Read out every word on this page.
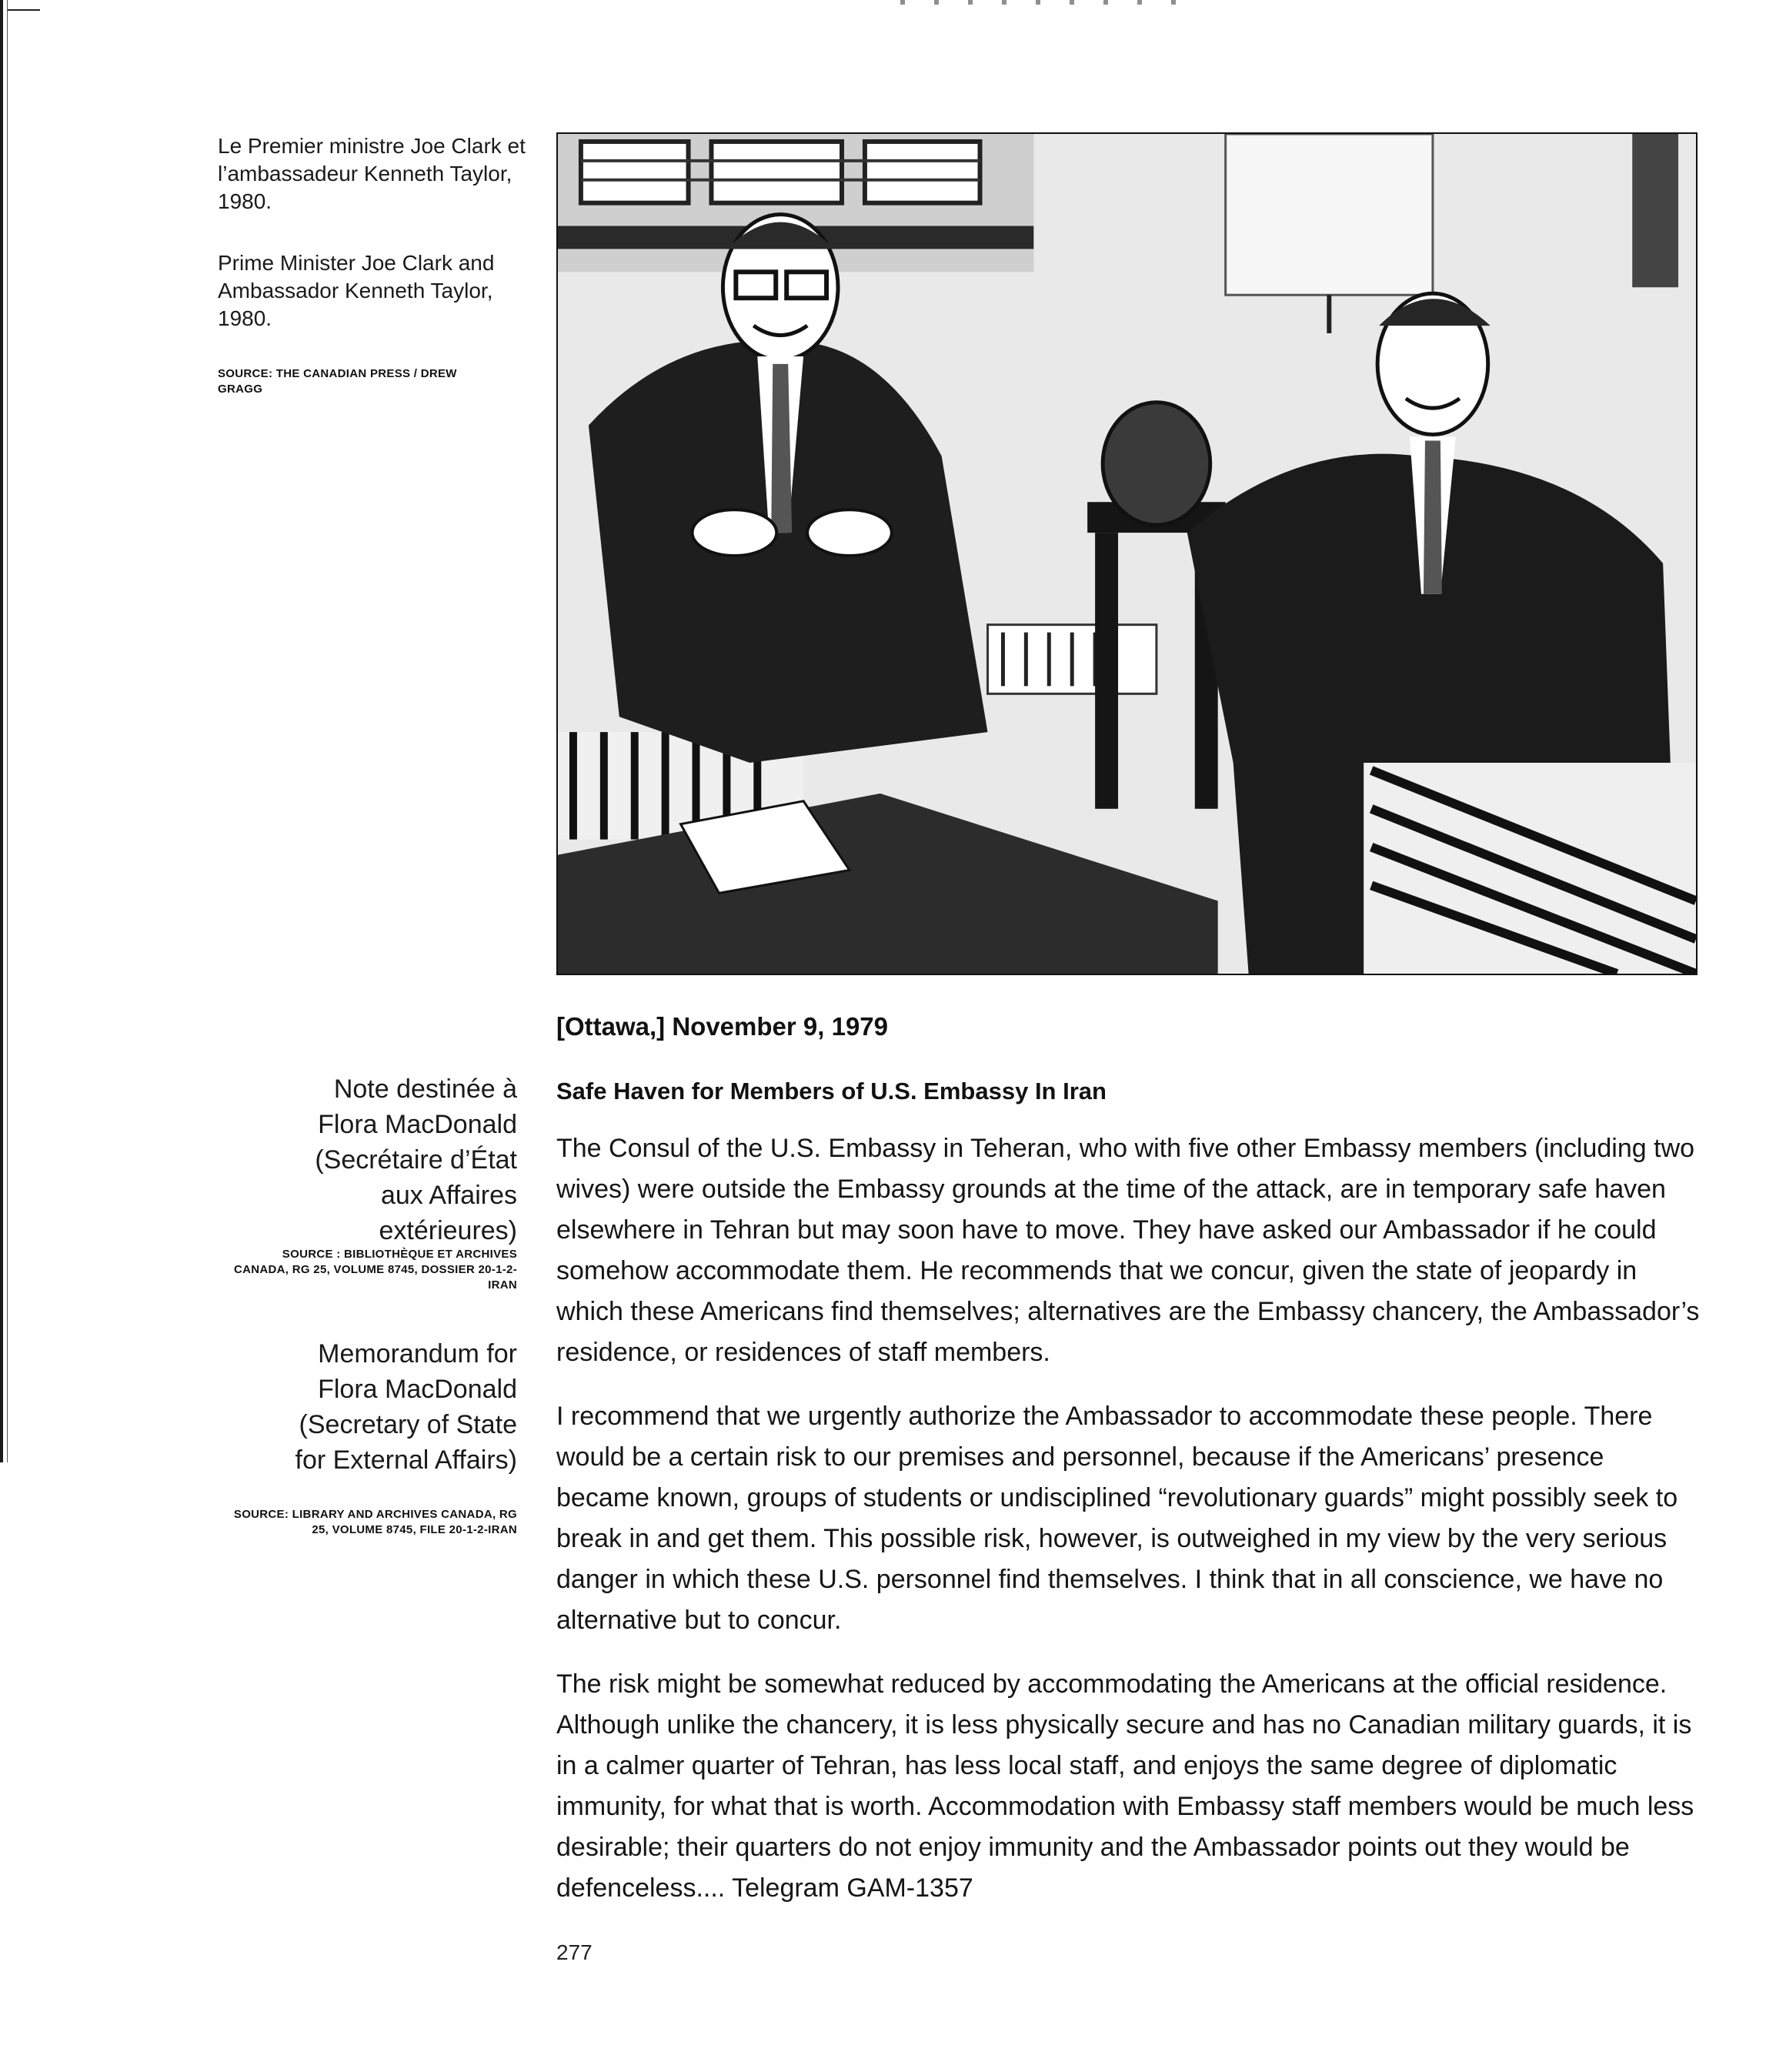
Le Premier ministre Joe Clark et l’ambassadeur Kenneth Taylor, 1980.
Prime Minister Joe Clark and Ambassador Kenneth Taylor, 1980.
SOURCE: THE CANADIAN PRESS / DREW GRAGG
Note destinée à Flora MacDonald (Secrétaire d’État aux Affaires extérieures)
SOURCE : BIBLIOTHÈQUE ET ARCHIVES CANADA, RG 25, VOLUME 8745, DOSSIER 20-1-2-IRAN
Memorandum for Flora MacDonald (Secretary of State for External Affairs)
SOURCE: LIBRARY AND ARCHIVES CANADA, RG 25, VOLUME 8745, FILE 20-1-2-IRAN
[Ottawa,] November 9, 1979
Safe Haven for Members of U.S. Embassy In Iran

The Consul of the U.S. Embassy in Teheran, who with five other Embassy members (including two wives) were outside the Embassy grounds at the time of the attack, are in temporary safe haven elsewhere in Tehran but may soon have to move. They have asked our Ambassador if he could somehow accommodate them. He recommends that we concur, given the state of jeopardy in which these Americans find themselves; alternatives are the Embassy chancery, the Ambassador’s residence, or residences of staff members.

I recommend that we urgently authorize the Ambassador to accommodate these people. There would be a certain risk to our premises and personnel, because if the Americans’ presence became known, groups of students or undisciplined “revolutionary guards” might possibly seek to break in and get them. This possible risk, however, is outweighed in my view by the very serious danger in which these U.S. personnel find themselves. I think that in all conscience, we have no alternative but to concur.

The risk might be somewhat reduced by accommodating the Americans at the official residence. Although unlike the chancery, it is less physically secure and has no Canadian military guards, it is in a calmer quarter of Tehran, has less local staff, and enjoys the same degree of diplomatic immunity, for what that is worth. Accommodation with Embassy staff members would be much less desirable; their quarters do not enjoy immunity and the Ambassador points out they would be defenceless.... Telegram GAM-1357

277
